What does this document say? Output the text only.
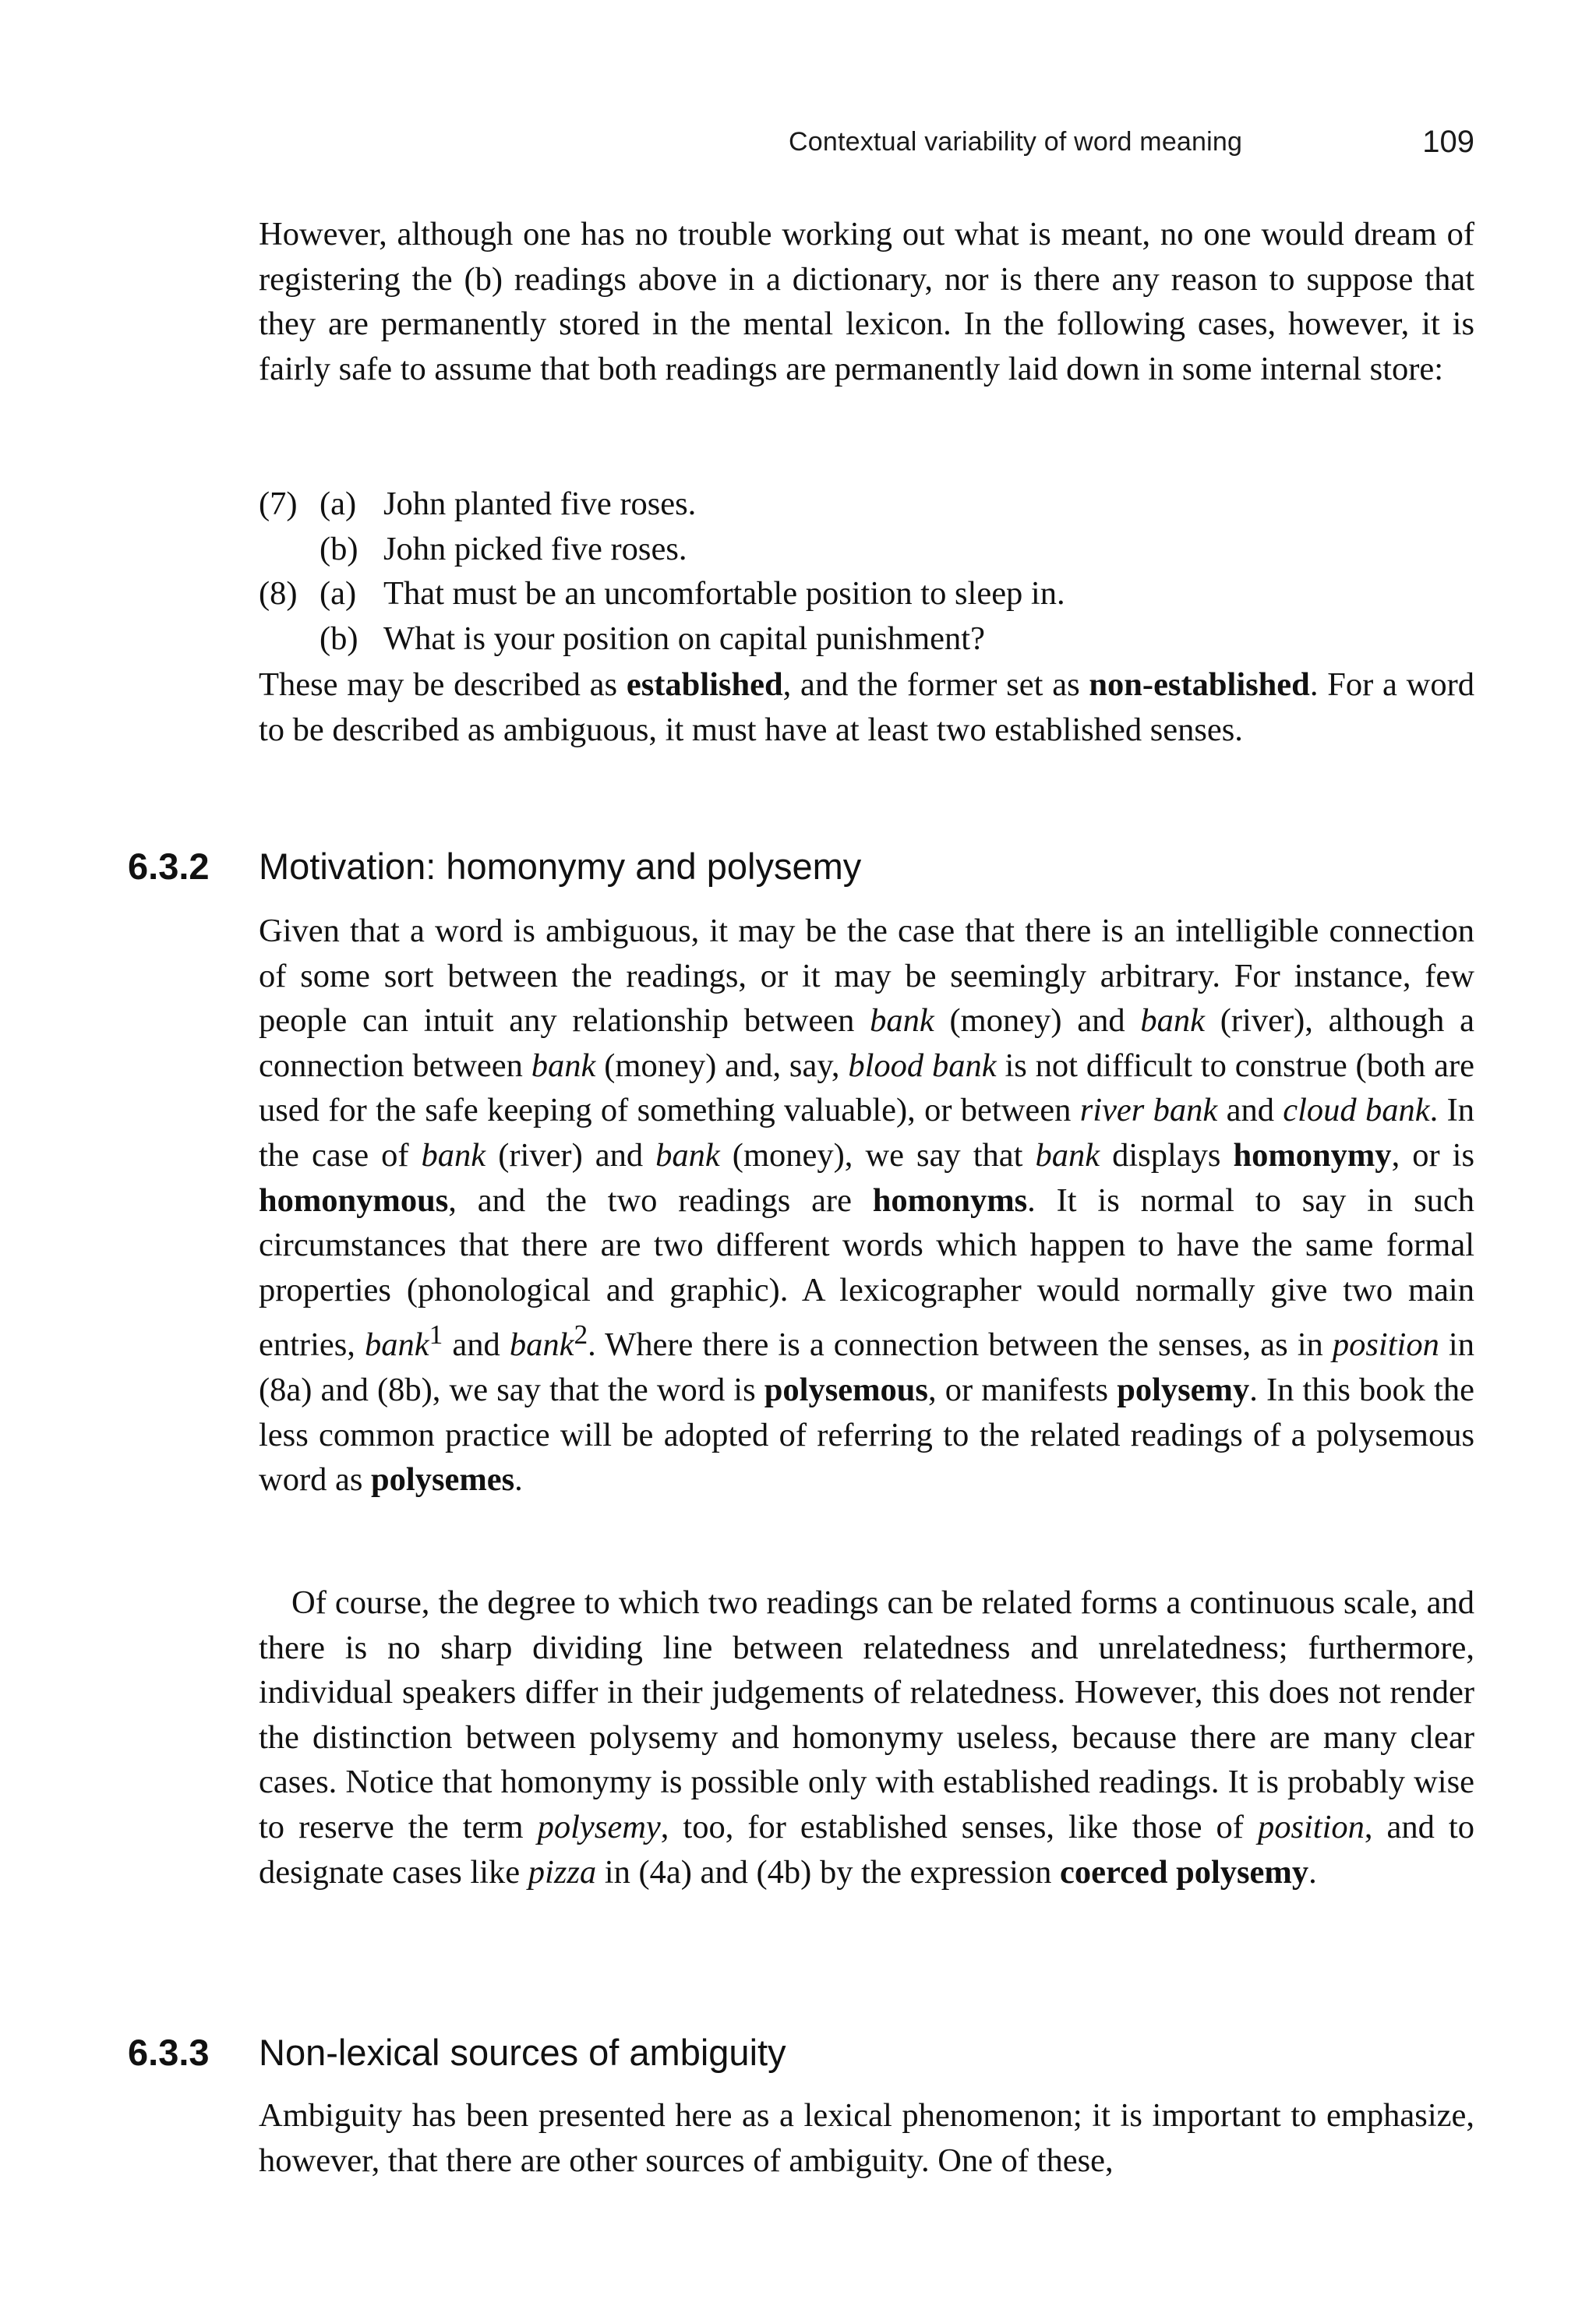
Contextual variability of word meaning	109

However, although one has no trouble working out what is meant, no one would dream of registering the (b) readings above in a dictionary, nor is there any reason to suppose that they are permanently stored in the mental lexicon. In the following cases, however, it is fairly safe to assume that both readings are permanently laid down in some internal store:

(7) (a) John planted five roses.
(b) John picked five roses.
(8) (a) That must be an uncomfortable position to sleep in.
(b) What is your position on capital punishment?

These may be described as established, and the former set as non-established. For a word to be described as ambiguous, it must have at least two established senses.

6.3.2 Motivation: homonymy and polysemy

Given that a word is ambiguous, it may be the case that there is an intelligible connection of some sort between the readings, or it may be seemingly arbitrary. For instance, few people can intuit any relationship between bank (money) and bank (river), although a connection between bank (money) and, say, blood bank is not difficult to construe (both are used for the safe keeping of something valuable), or between river bank and cloud bank. In the case of bank (river) and bank (money), we say that bank displays homonymy, or is homonymous, and the two readings are homonyms. It is normal to say in such circumstances that there are two different words which happen to have the same formal properties (phonological and graphic). A lexicographer would normally give two main entries, bank$^1$ and bank$^2$. Where there is a connection between the senses, as in position in (8a) and (8b), we say that the word is polysemous, or manifests polysemy. In this book the less common practice will be adopted of referring to the related readings of a polysemous word as polysemes.

Of course, the degree to which two readings can be related forms a continuous scale, and there is no sharp dividing line between relatedness and unrelatedness; furthermore, individual speakers differ in their judgements of relatedness. However, this does not render the distinction between polysemy and homonymy useless, because there are many clear cases. Notice that homonymy is possible only with established readings. It is probably wise to reserve the term polysemy, too, for established senses, like those of position, and to designate cases like pizza in (4a) and (4b) by the expression coerced polysemy.

6.3.3 Non-lexical sources of ambiguity

Ambiguity has been presented here as a lexical phenomenon; it is important to emphasize, however, that there are other sources of ambiguity. One of these,
